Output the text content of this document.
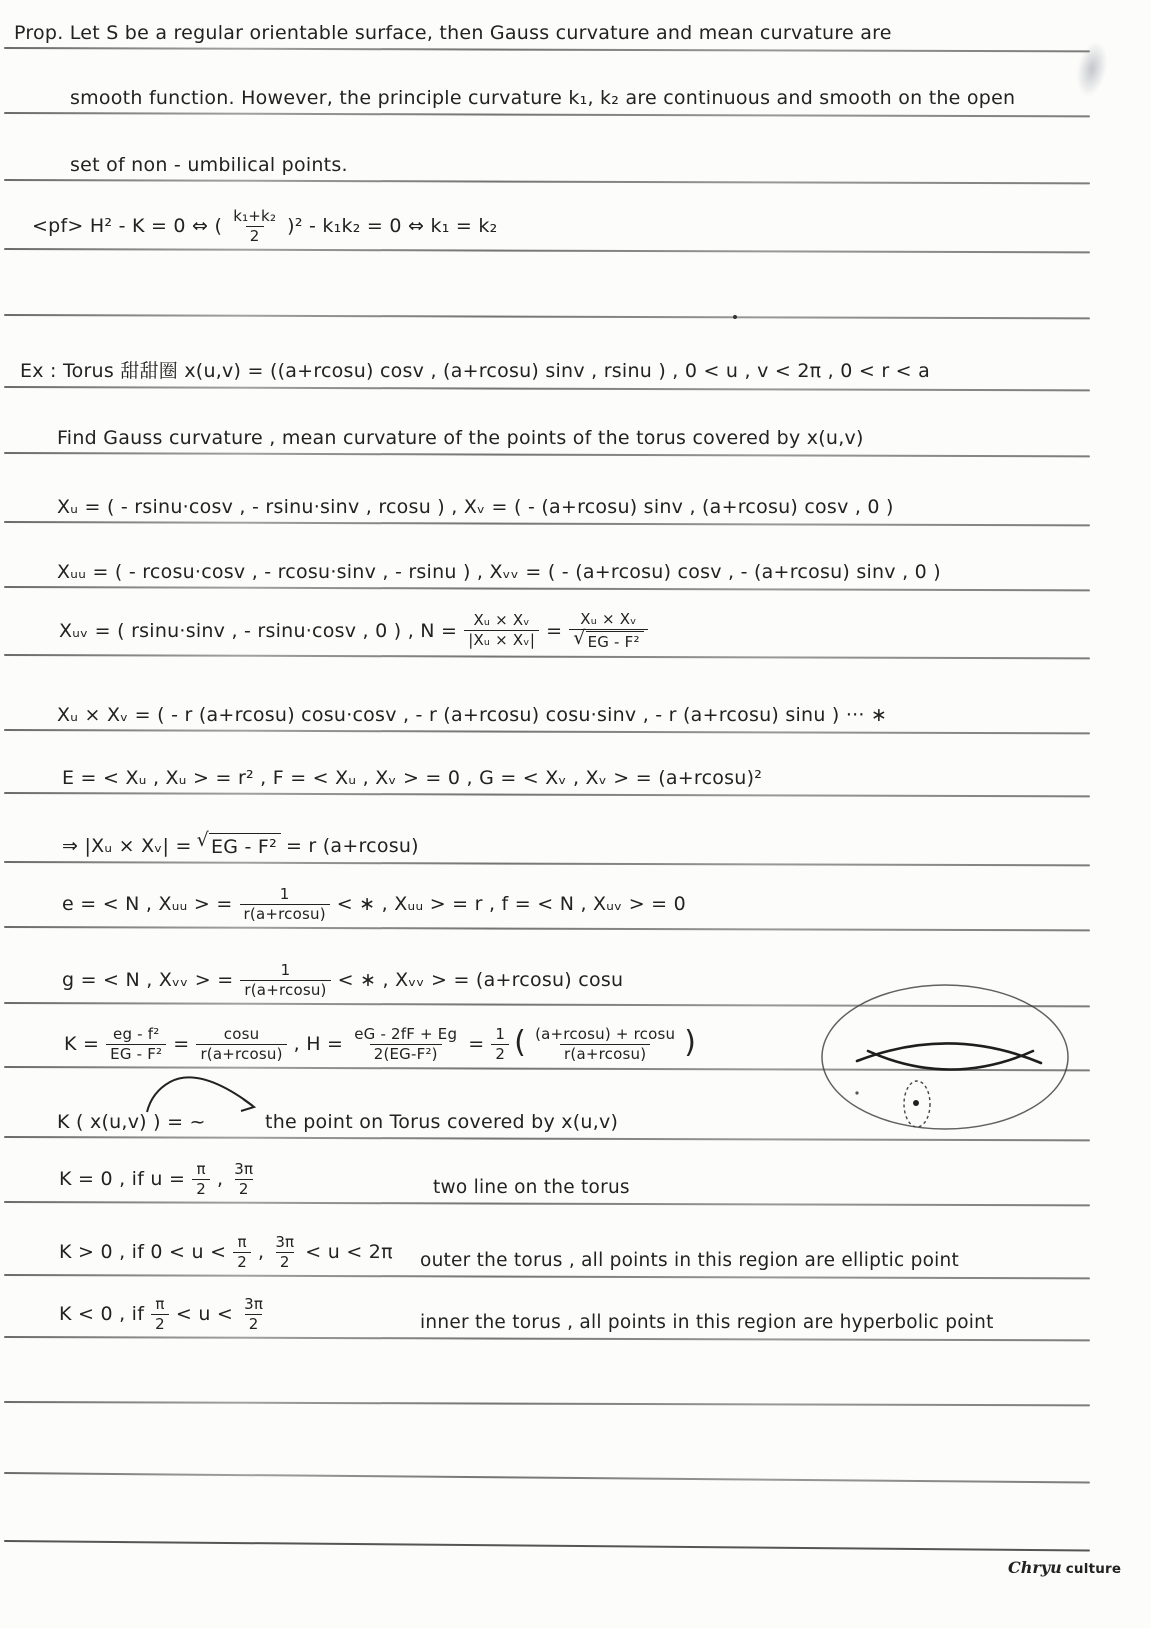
Prop. Let S be a regular orientable surface, then Gauss curvature and mean curvature are
smooth function. However, the principle curvature k₁, k₂ are continuous and smooth on the open
set of non - umbilical points.
<pf> H² - K = 0 ⇔ ( $\frac{\text{k₁+k₂}}{2} )^2 - k_1k_2 = 0$ ⇔ k₁ = k₂
Ex : Torus 甜甜圈 x(u,v) = ((a+rcosu) cosv , (a+rcosu) sinv , rsinu ) , 0 < u , v < 2π , 0 < r < a
Find Gauss curvature , mean curvature of the points of the torus covered by x(u,v)
Xᵤ = ( - rsinu·cosv , - rsinu·sinv , rcosu ) , Xᵥ = ( - (a+rcosu) sinv , (a+rcosu) cosv , 0 )
Xᵤᵤ = ( - rcosu·cosv , - rcosu·sinv , - rsinu ) , Xᵥᵥ = ( - (a+rcosu) cosv , - (a+rcosu) sinv , 0 )
Xᵤᵥ = ( rsinu·sinv , - rsinu·cosv , 0 ) , $N = \frac{\text{Xᵤ × Xᵥ}}{\text{|Xᵤ × Xᵥ|}} = \frac{\text{Xᵤ × Xᵥ}}{\text{√ EG - F²}}$
Xᵤ × Xᵥ = ( - r (a+rcosu) cosu·cosv , - r (a+rcosu) cosu·sinv , - r (a+rcosu) sinu ) ··· ∗
E = < Xᵤ , Xᵤ > = r² , F = < Xᵤ , Xᵥ > = 0 , G = < Xᵥ , Xᵥ > = (a+rcosu)²
⇒ |Xᵤ × Xᵥ| = √ EG - F² = r (a+rcosu)
e = < N , Xᵤᵤ > = $\frac{1}{r(a+rcosu)}$ < ∗ , Xᵤᵤ > = r , f = < N , Xᵤᵥ > = 0
g = < N , Xᵥᵥ > = $\frac{1}{r(a+rcosu)}$ < ∗ , Xᵥᵥ > = (a+rcosu) cosu
$K = \frac{\text{eg - f²}}{\text{EG - F²}} = \frac{\cos u}{r(a+rcosu)}$ , $H = \frac{eG - 2fF + Eg}{\text{2(EG-F²)}} = \frac{1}{2}$ ( $\frac{(a+rcosu) + rcosu}{r(a+rcosu)}$ )
K ( x(u,v) ) = ~	the point on Torus covered by x(u,v)
K = 0 , if $u = \frac{\pi}{2}$ , $\frac{3\pi}{2}$	two line on the torus
K > 0 , if $0 < u < \frac{\pi}{2}$ , $\frac{3\pi}{2} < u < 2\pi$ outer the torus , all points in this region are elliptic point
K < 0 , if $\frac{\pi}{2} < u < \frac{3\pi}{2}$	inner the torus , all points in this region are hyperbolic point
Chryu culture
